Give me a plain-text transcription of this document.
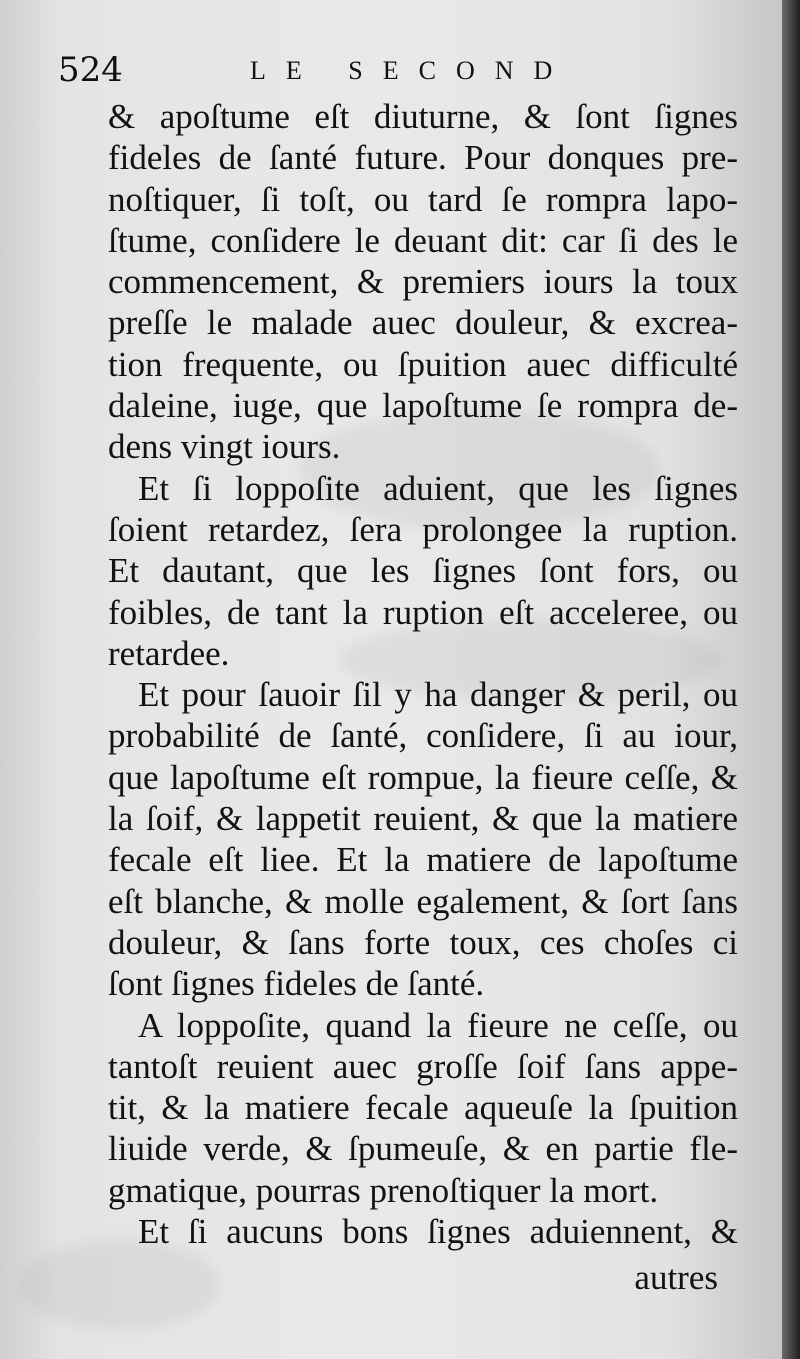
524	LE SECOND

& apoſtume eſt diuturne, & ſont ſignes
fideles de ſanté future. Pour donques pre-
noſtiquer, ſi toſt, ou tard ſe rompra lapo-
ſtume, conſidere le deuant dit: car ſi des le
commencement, & premiers iours la toux
preſſe le malade auec douleur, & excrea-
tion frequente, ou ſpuition auec difficulté
daleine, iuge, que lapoſtume ſe rompra de-
dens vingt iours.
Et ſi loppoſite aduient, que les ſignes
ſoient retardez, ſera prolongee la ruption.
Et dautant, que les ſignes ſont fors, ou
foibles, de tant la ruption eſt acceleree, ou
retardee.
Et pour ſauoir ſil y ha danger & peril, ou
probabilité de ſanté, conſidere, ſi au iour,
que lapoſtume eſt rompue, la fieure ceſſe, &
la ſoif, & lappetit reuient, & que la matiere
fecale eſt liee. Et la matiere de lapoſtume
eſt blanche, & molle egalement, & ſort ſans
douleur, & ſans forte toux, ces choſes ci
ſont ſignes fideles de ſanté.
A loppoſite, quand la fieure ne ceſſe, ou
tantoſt reuient auec groſſe ſoif ſans appe-
tit, & la matiere fecale aqueuſe la ſpuition
liuide verde, & ſpumeuſe, & en partie fle-
gmatique, pourras prenoſtiquer la mort.
Et ſi aucuns bons ſignes aduiennent, &

autres
